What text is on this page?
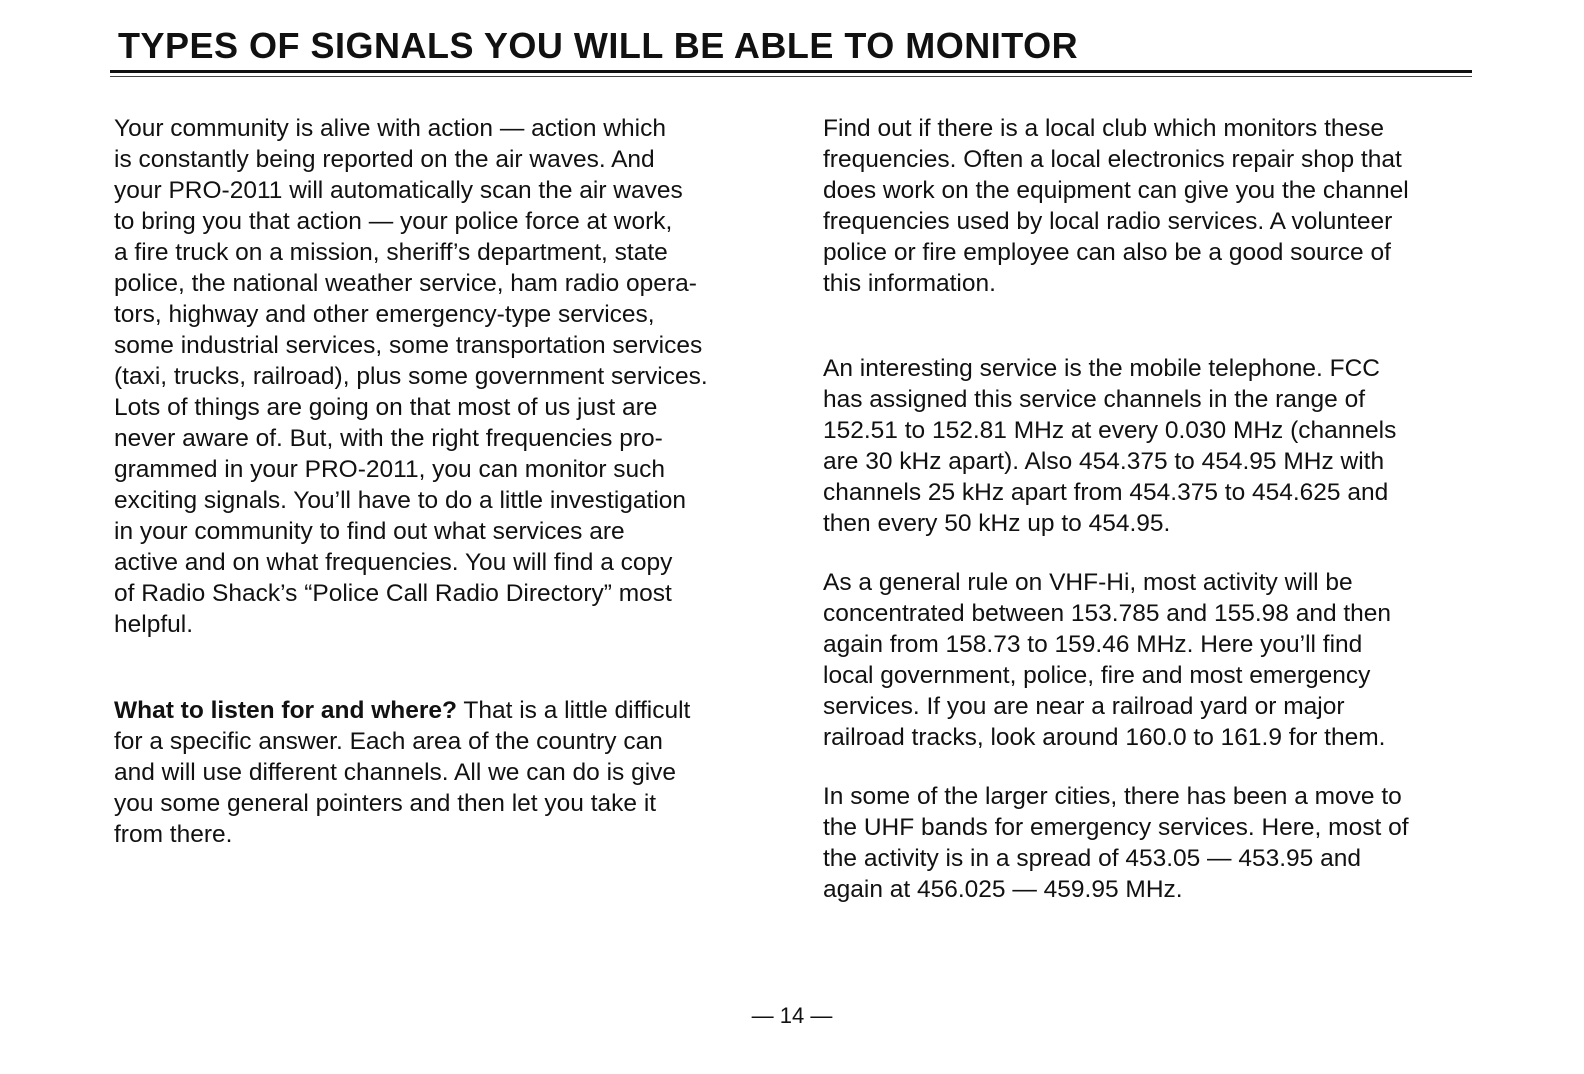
TYPES OF SIGNALS YOU WILL BE ABLE TO MONITOR

Your community is alive with action — action which
is constantly being reported on the air waves. And
your PRO-2011 will automatically scan the air waves
to bring you that action — your police force at work,
a fire truck on a mission, sheriff’s department, state
police, the national weather service, ham radio opera-
tors, highway and other emergency-type services,
some industrial services, some transportation services
(taxi, trucks, railroad), plus some government services.
Lots of things are going on that most of us just are
never aware of. But, with the right frequencies pro-
grammed in your PRO-2011, you can monitor such
exciting signals. You’ll have to do a little investigation
in your community to find out what services are
active and on what frequencies. You will find a copy
of Radio Shack’s “Police Call Radio Directory” most
helpful.

What to listen for and where? That is a little difficult
for a specific answer. Each area of the country can
and will use different channels. All we can do is give
you some general pointers and then let you take it
from there.

Find out if there is a local club which monitors these
frequencies. Often a local electronics repair shop that
does work on the equipment can give you the channel
frequencies used by local radio services. A volunteer
police or fire employee can also be a good source of
this information.

An interesting service is the mobile telephone. FCC
has assigned this service channels in the range of
152.51 to 152.81 MHz at every 0.030 MHz (channels
are 30 kHz apart). Also 454.375 to 454.95 MHz with
channels 25 kHz apart from 454.375 to 454.625 and
then every 50 kHz up to 454.95.

As a general rule on VHF-Hi, most activity will be
concentrated between 153.785 and 155.98 and then
again from 158.73 to 159.46 MHz. Here you’ll find
local government, police, fire and most emergency
services. If you are near a railroad yard or major
railroad tracks, look around 160.0 to 161.9 for them.

In some of the larger cities, there has been a move to
the UHF bands for emergency services. Here, most of
the activity is in a spread of 453.05 — 453.95 and
again at 456.025 — 459.95 MHz.

— 14 —
